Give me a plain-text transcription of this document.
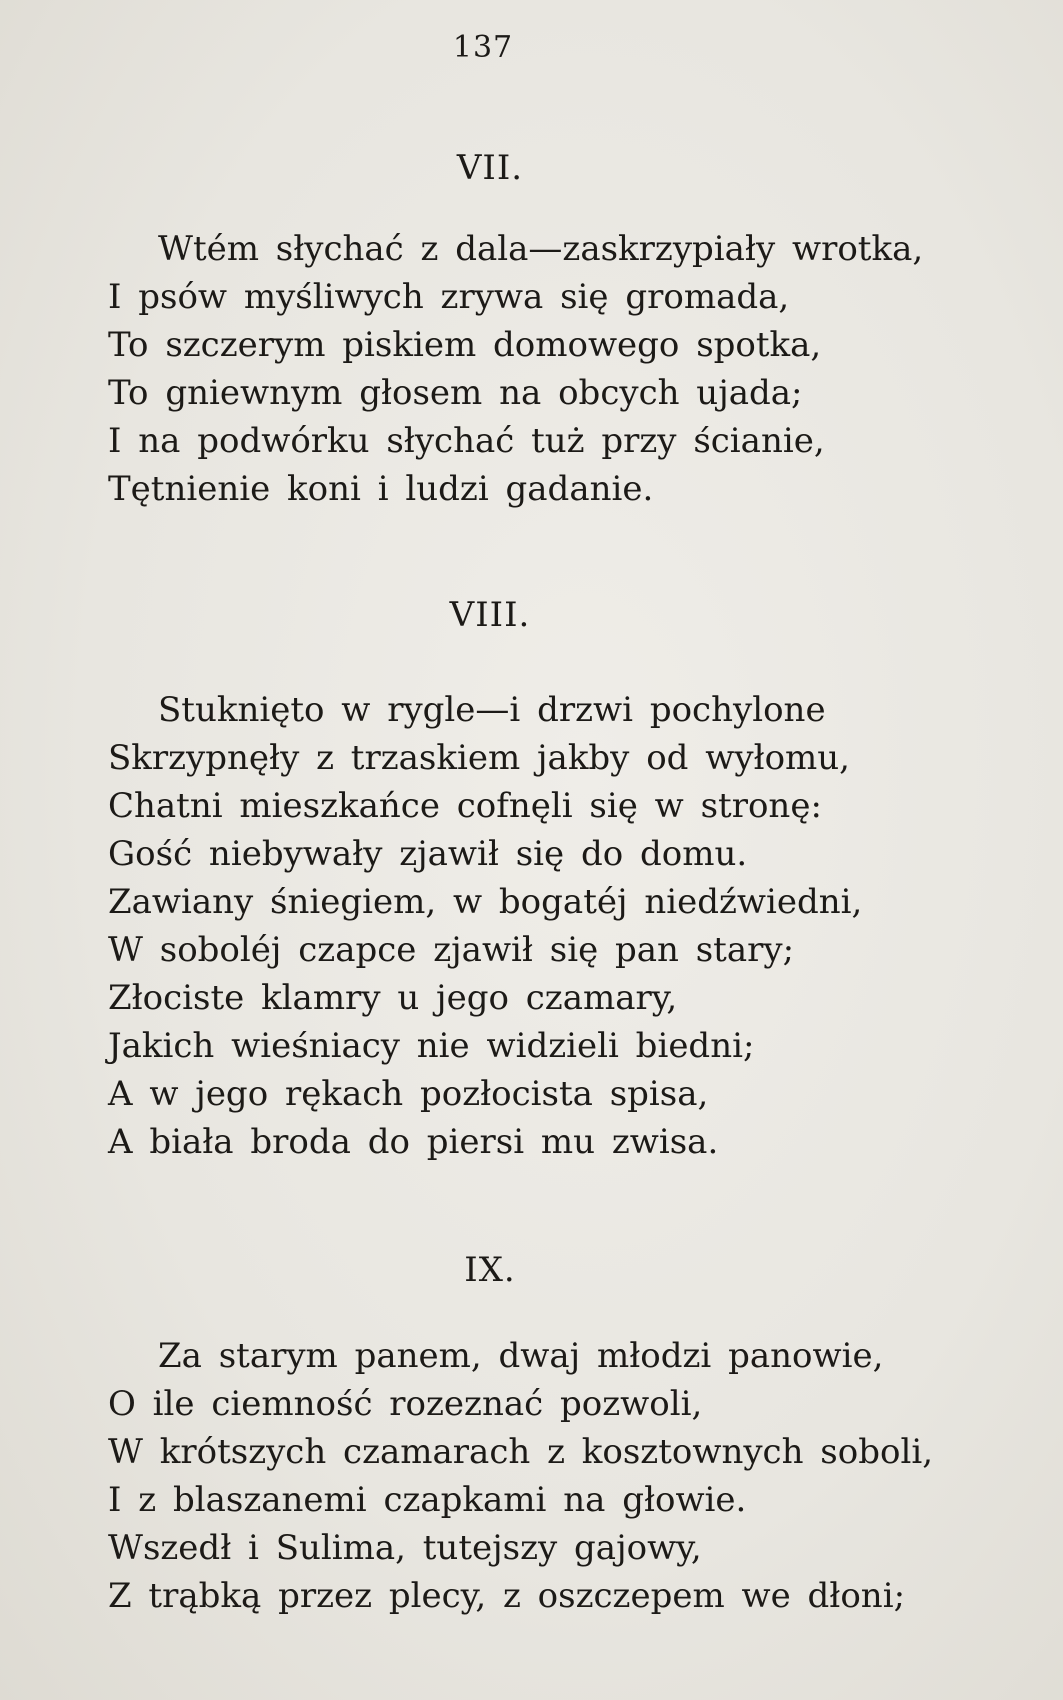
137
VII.
Wtém słychać z dala—zaskrzypiały wrotka,
I psów myśliwych zrywa się gromada,
To szczerym piskiem domowego spotka,
To gniewnym głosem na obcych ujada;
I na podwórku słychać tuż przy ścianie,
Tętnienie koni i ludzi gadanie.
VIII.
Stuknięto w rygle—i drzwi pochylone
Skrzypnęły z trzaskiem jakby od wyłomu,
Chatni mieszkańce cofnęli się w stronę:
Gość niebywały zjawił się do domu.
Zawiany śniegiem, w bogatéj niedźwiedni,
W soboléj czapce zjawił się pan stary;
Złociste klamry u jego czamary,
Jakich wieśniacy nie widzieli biedni;
A w jego rękach pozłocista spisa,
A biała broda do piersi mu zwisa.
IX.
Za starym panem, dwaj młodzi panowie,
O ile ciemność rozeznać pozwoli,
W krótszych czamarach z kosztownych soboli,
I z blaszanemi czapkami na głowie.
Wszedł i Sulima, tutejszy gajowy,
Z trąbką przez plecy, z oszczepem we dłoni;
